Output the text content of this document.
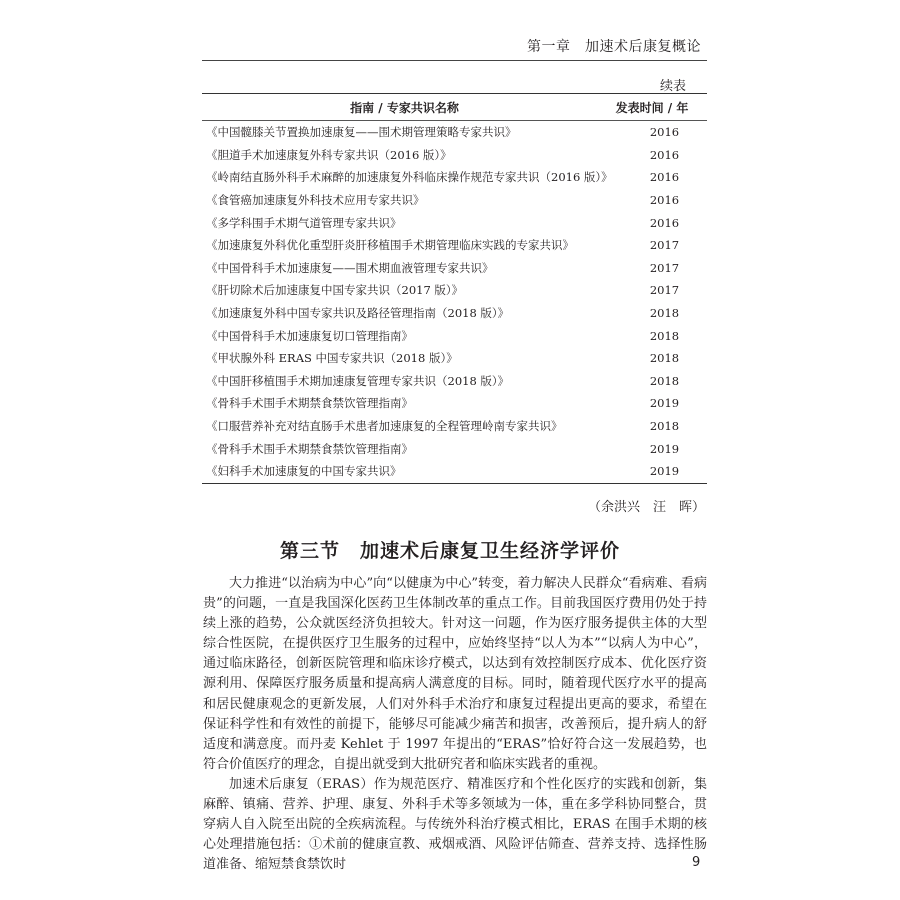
第一章　加速术后康复概论
续表
指南 / 专家共识名称	发表时间 / 年
《中国髋膝关节置换加速康复——围术期管理策略专家共识》	2016
《胆道手术加速康复外科专家共识（2016 版）》	2016
《岭南结直肠外科手术麻醉的加速康复外科临床操作规范专家共识（2016 版）》	2016
《食管癌加速康复外科技术应用专家共识》	2016
《多学科围手术期气道管理专家共识》	2016
《加速康复外科优化重型肝炎肝移植围手术期管理临床实践的专家共识》	2017
《中国骨科手术加速康复——围术期血液管理专家共识》	2017
《肝切除术后加速康复中国专家共识（2017 版）》	2017
《加速康复外科中国专家共识及路径管理指南（2018 版）》	2018
《中国骨科手术加速康复切口管理指南》	2018
《甲状腺外科 ERAS 中国专家共识（2018 版）》	2018
《中国肝移植围手术期加速康复管理专家共识（2018 版）》	2018
《骨科手术围手术期禁食禁饮管理指南》	2019
《口服营养补充对结直肠手术患者加速康复的全程管理岭南专家共识》	2018
《骨科手术围手术期禁食禁饮管理指南》	2019
《妇科手术加速康复的中国专家共识》	2019
（余洪兴　汪　晖）
第三节　加速术后康复卫生经济学评价

大力推进“以治病为中心”向“以健康为中心”转变，着力解决人民群众“看病难、看病贵”的问题，一直是我国深化医药卫生体制改革的重点工作。目前我国医疗费用仍处于持续上涨的趋势，公众就医经济负担较大。针对这一问题，作为医疗服务提供主体的大型综合性医院，在提供医疗卫生服务的过程中，应始终坚持“以人为本”“以病人为中心”，通过临床路径，创新医院管理和临床诊疗模式，以达到有效控制医疗成本、优化医疗资源利用、保障医疗服务质量和提高病人满意度的目标。同时，随着现代医疗水平的提高和居民健康观念的更新发展，人们对外科手术治疗和康复过程提出更高的要求，希望在保证科学性和有效性的前提下，能够尽可能减少痛苦和损害，改善预后，提升病人的舒适度和满意度。而丹麦 Kehlet 于 1997 年提出的“ERAS”恰好符合这一发展趋势，也符合价值医疗的理念，自提出就受到大批研究者和临床实践者的重视。

加速术后康复（ERAS）作为规范医疗、精准医疗和个性化医疗的实践和创新，集麻醉、镇痛、营养、护理、康复、外科手术等多领域为一体，重在多学科协同整合，贯穿病人自入院至出院的全疾病流程。与传统外科治疗模式相比，ERAS 在围手术期的核心处理措施包括：①术前的健康宣教、戒烟戒酒、风险评估筛查、营养支持、选择性肠道准备、缩短禁食禁饮时	9
